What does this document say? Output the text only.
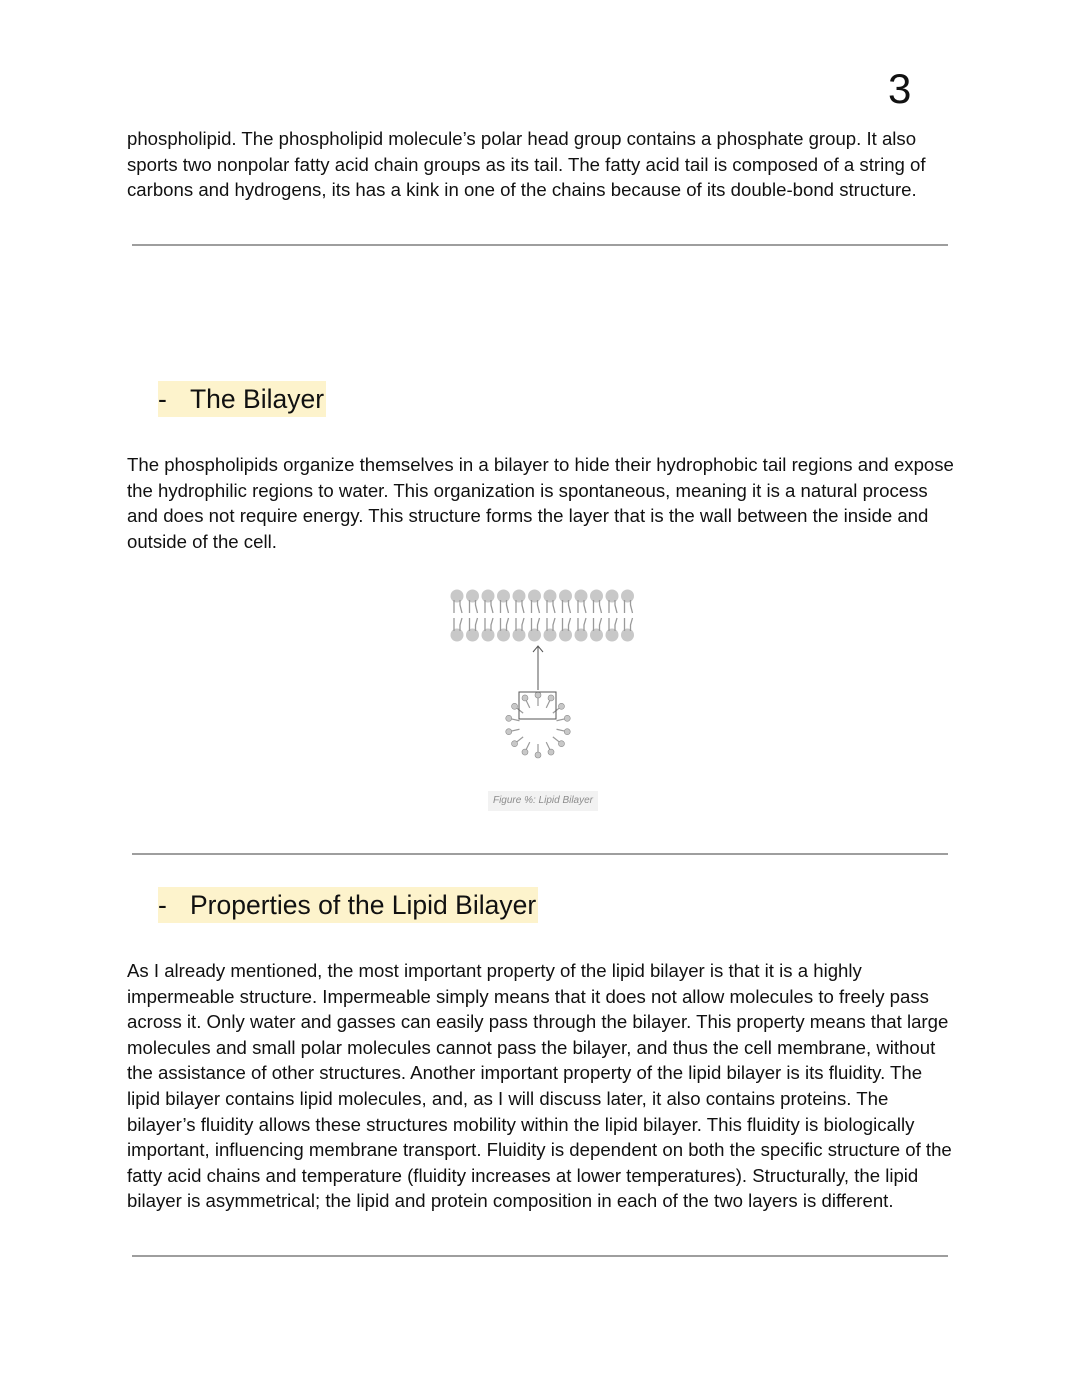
3

phospholipid. The phospholipid molecule’s polar head group contains a phosphate group. It also sports two nonpolar fatty acid chain groups as its tail. The fatty acid tail is composed of a string of carbons and hydrogens, its has a kink in one of the chains because of its double-bond structure.

- The Bilayer

The phospholipids organize themselves in a bilayer to hide their hydrophobic tail regions and expose the hydrophilic regions to water. This organization is spontaneous, meaning it is a natural process and does not require energy. This structure forms the layer that is the wall between the inside and outside of the cell.

Figure %: Lipid Bilayer
- Properties of the Lipid Bilayer

As I already mentioned, the most important property of the lipid bilayer is that it is a highly impermeable structure. Impermeable simply means that it does not allow molecules to freely pass across it. Only water and gasses can easily pass through the bilayer. This property means that large molecules and small polar molecules cannot pass the bilayer, and thus the cell membrane, without the assistance of other structures. Another important property of the lipid bilayer is its fluidity. The lipid bilayer contains lipid molecules, and, as I will discuss later, it also contains proteins. The bilayer’s fluidity allows these structures mobility within the lipid bilayer. This fluidity is biologically important, influencing membrane transport. Fluidity is dependent on both the specific structure of the fatty acid chains and temperature (fluidity increases at lower temperatures). Structurally, the lipid bilayer is asymmetrical; the lipid and protein composition in each of the two layers is different.
